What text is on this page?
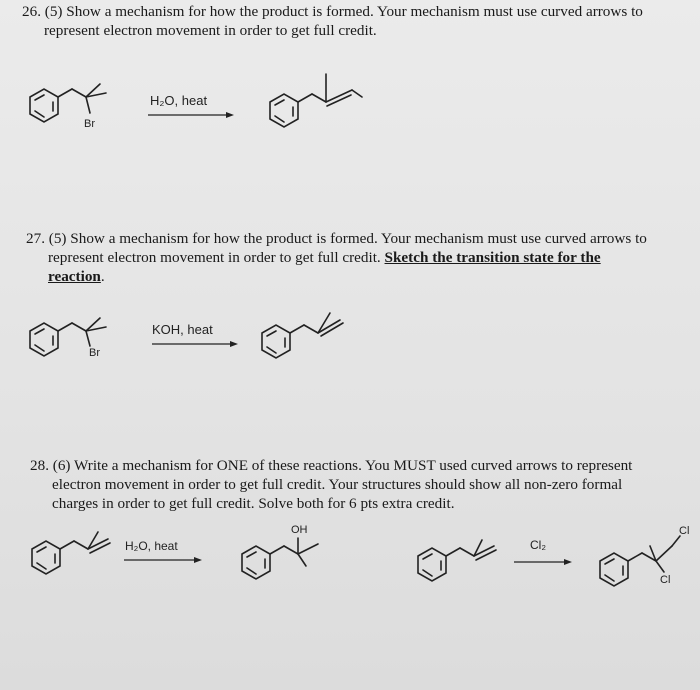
26. (5) Show a mechanism for how the product is formed. Your mechanism must use curved arrows to
represent electron movement in order to get full credit.

Br
H₂O, heat
Br
KOH, heat
H₂O, heat
OH
Cl₂
Cl
Cl

27. (5) Show a mechanism for how the product is formed. Your mechanism must use curved arrows to
represent electron movement in order to get full credit. Sketch the transition state for the
reaction.

28. (6) Write a mechanism for ONE of these reactions. You MUST used curved arrows to represent
electron movement in order to get full credit. Your structures should show all non-zero formal
charges in order to get full credit. Solve both for 6 pts extra credit.
